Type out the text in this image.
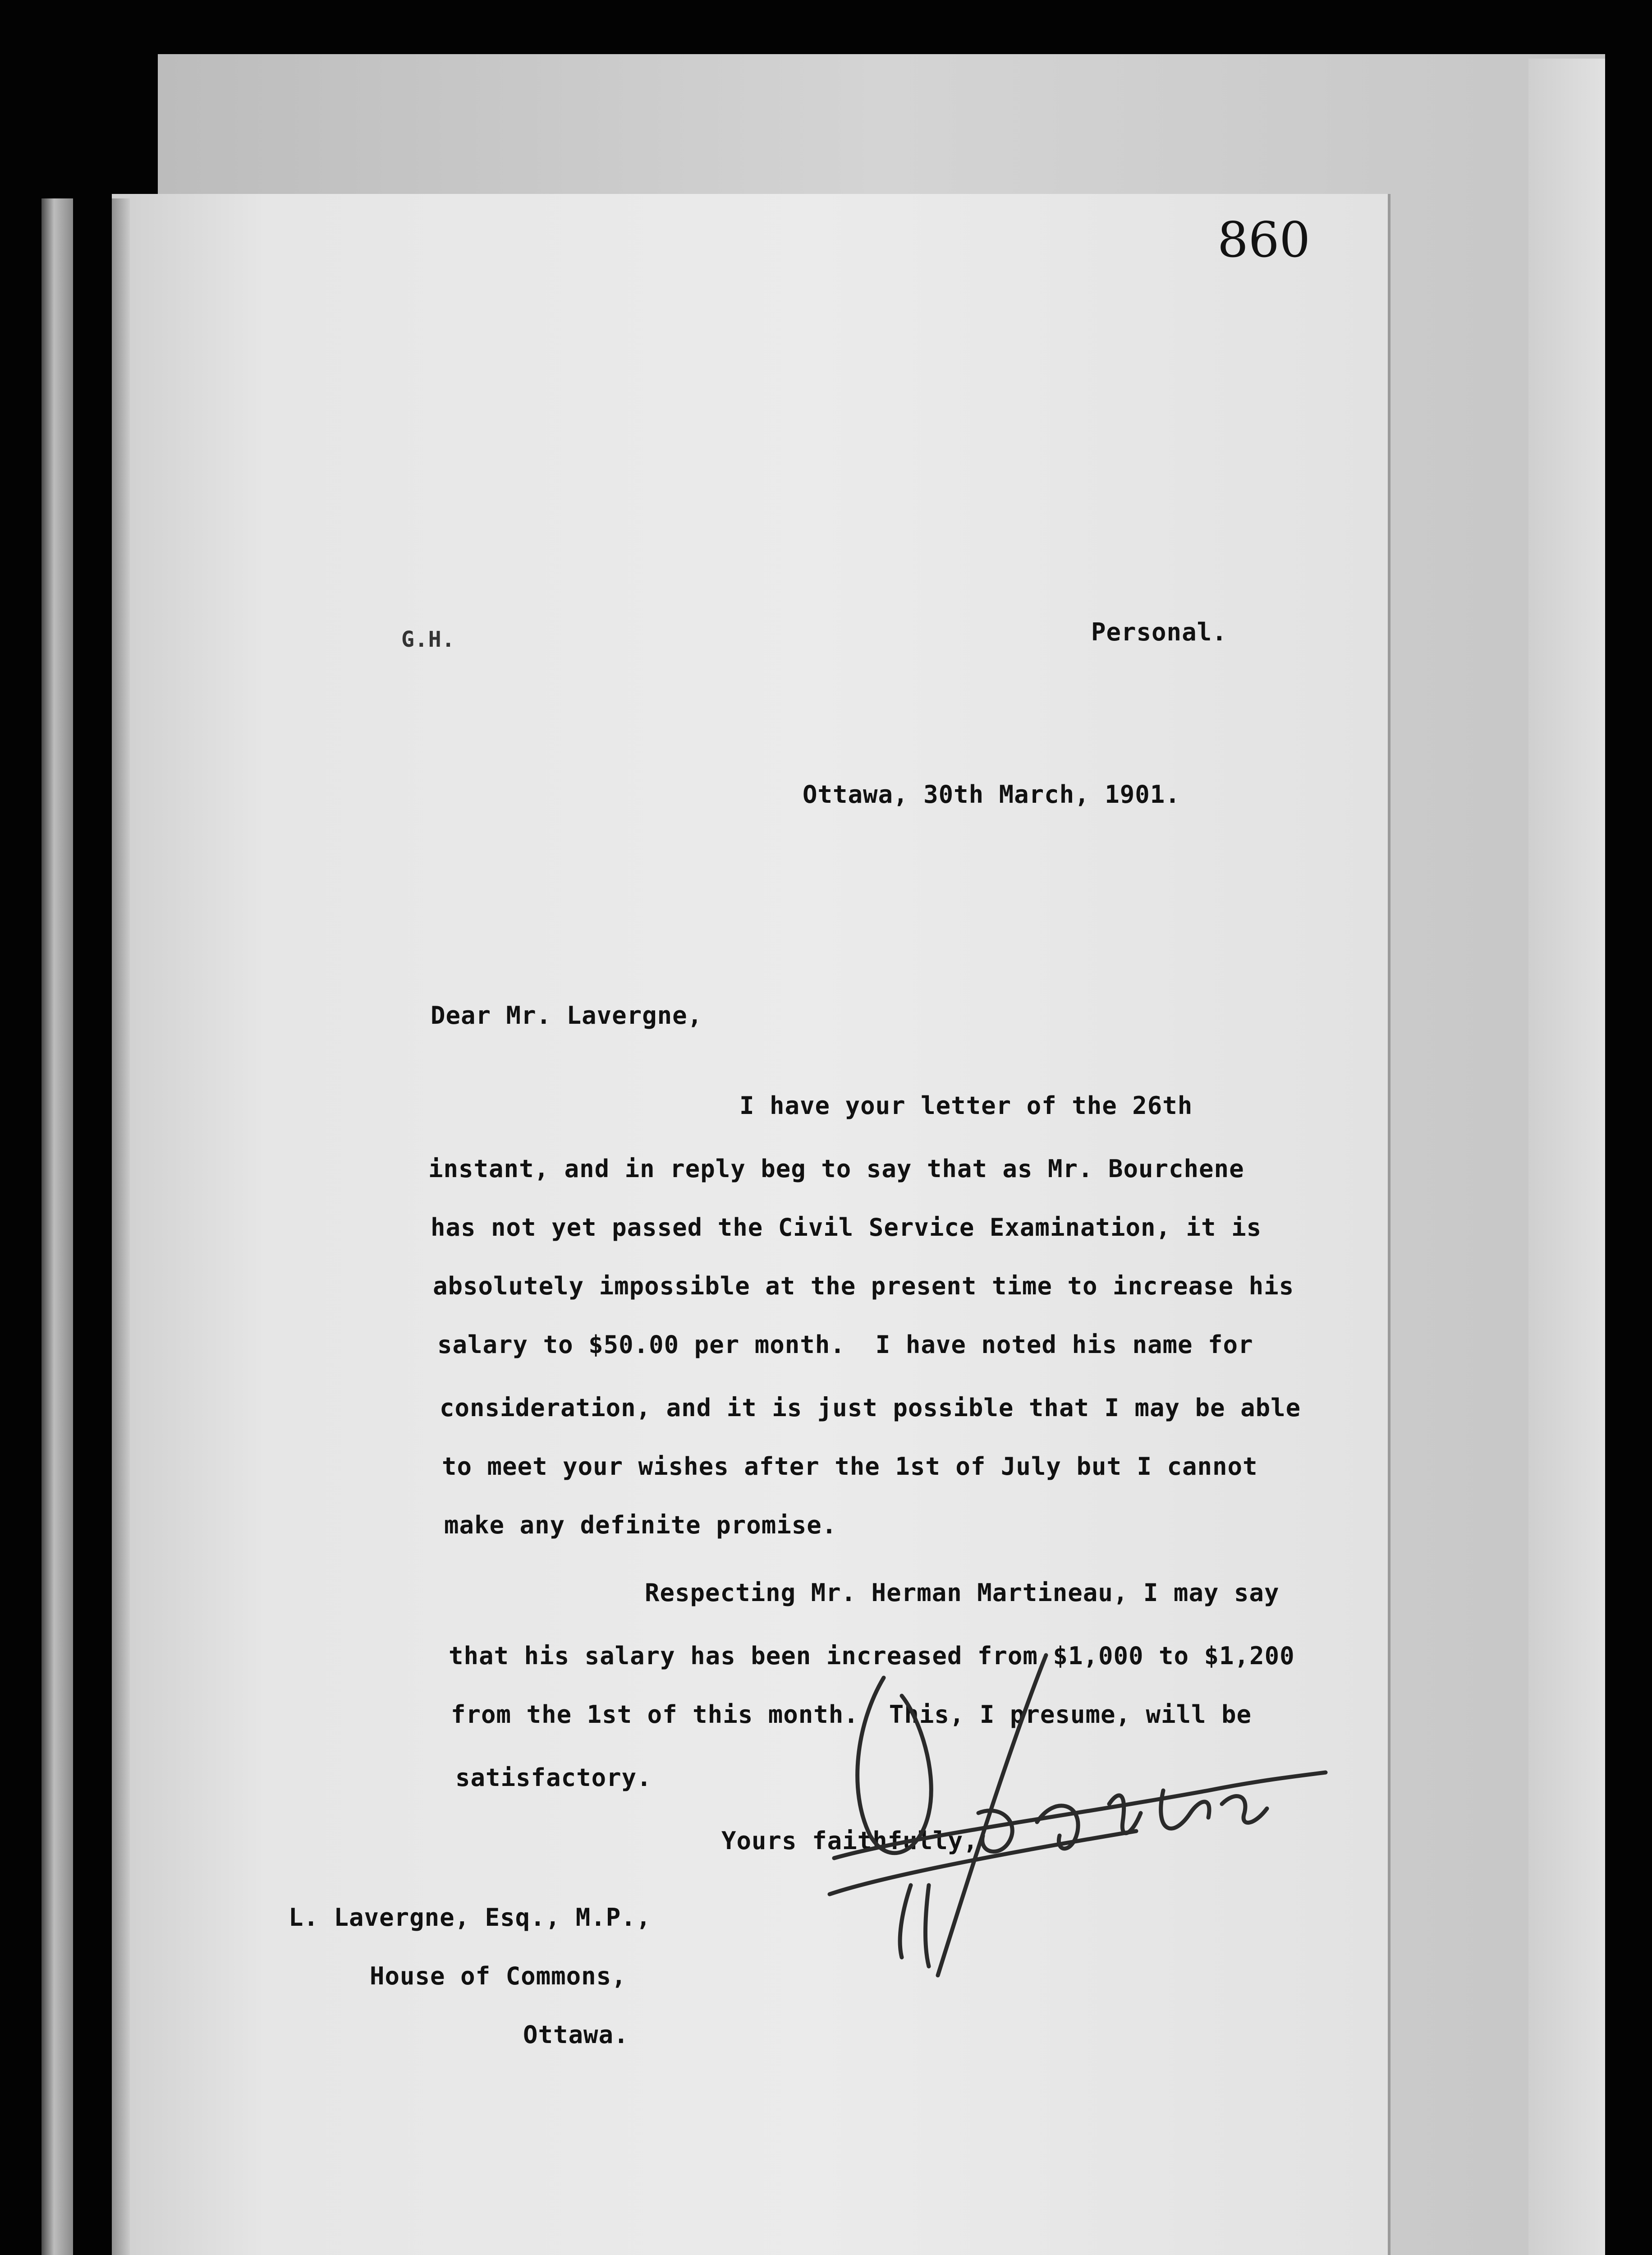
860
G.H.	Personal.
Ottawa, 30th March, 1901.
Dear Mr. Lavergne,
I have your letter of the 26th
instant, and in reply beg to say that as Mr. Bourchene
has not yet passed the Civil Service Examination, it is
absolutely impossible at the present time to increase his
salary to $50.00 per month.  I have noted his name for
consideration, and it is just possible that I may be able
to meet your wishes after the 1st of July but I cannot
make any definite promise.
Respecting Mr. Herman Martineau, I may say
that his salary has been increased from $1,000 to $1,200
from the 1st of this month.  This, I presume, will be
satisfactory.
Yours faithfully,
L. Lavergne, Esq., M.P.,
House of Commons,
Ottawa.
